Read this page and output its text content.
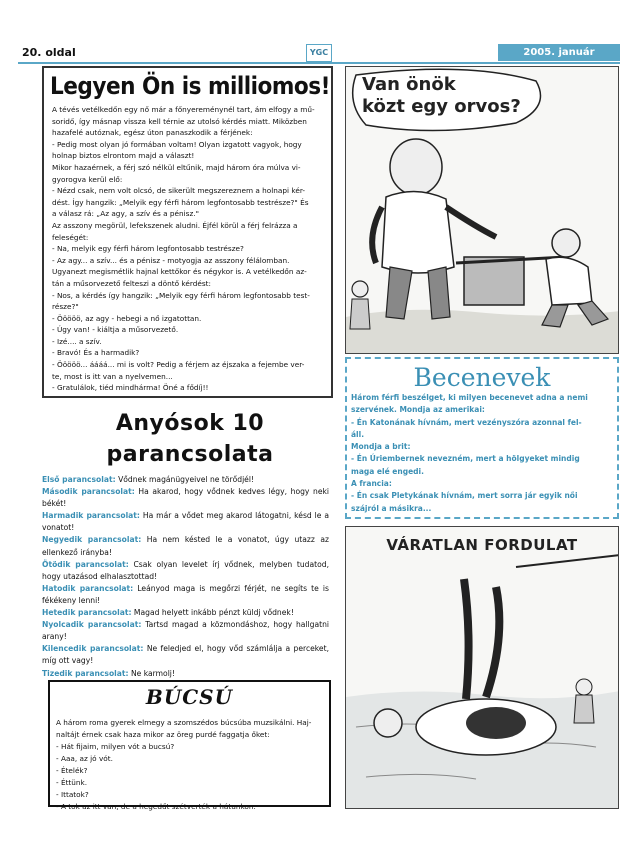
20. oldal	YGC	2005. január
Legyen Ön is milliomos!

A tévés vetélkedőn egy nő már a főnyereménynél tart, ám elfogy a mű-

soridő, így másnap vissza kell térnie az utolsó kérdés miatt. Miközben

hazafelé autóznak, egész úton panaszkodik a férjének:

- Pedig most olyan jó formában voltam! Olyan izgatott vagyok, hogy

holnap biztos elrontom majd a választ!

Mikor hazaérnek, a férj szó nélkül eltűnik, majd három óra múlva vi-

gyorogva kerül elő:

- Nézd csak, nem volt olcsó, de sikerült megszereznem a holnapi kér-

dést. Így hangzik: „Melyik egy férfi három legfontosabb testrésze?" És

a válasz rá: „Az agy, a szív és a pénisz."

Az asszony megörül, lefekszenek aludni. Éjfél körül a férj felrázza a

feleségét:

- Na, melyik egy férfi három legfontosabb testrésze?

- Az agy... a szív... és a pénisz - motyogja az asszony félálomban.

Ugyanezt megismétlik hajnal kettőkor és négykor is. A vetélkedőn az-

tán a műsorvezető felteszi a döntő kérdést:

- Nos, a kérdés így hangzik: „Melyik egy férfi három legfontosabb test-

része?"

- Ööööö, az agy - hebegi a nő izgatottan.

- Úgy van! - kiáltja a műsorvezető.

- Izé.... a szív.

- Bravó! És a harmadik?

- Ööööö... áááá... mi is volt? Pedig a férjem az éjszaka a fejembe ver-

te, most is itt van a nyelvemen...

- Gratulálok, tiéd mindhárma! Öné a fődíj!!

Anyósok 10
parancsolata

Első parancsolat: Vődnek magánügyeivel ne törődjél!

Második parancsolat: Ha akarod, hogy vődnek kedves légy, hogy neki békét!

Harmadik parancsolat: Ha már a vődet meg akarod látogatni, késd le a vonatot!

Negyedik parancsolat: Ha nem késted le a vonatot, úgy utazz az ellenkező irányba!

Ötödik parancsolat: Csak olyan levelet írj vődnek, melyben tudatod, hogy utazásod elhalasztottad!

Hatodik parancsolat: Leányod maga is megőrzi férjét, ne segíts te is fékékeny lenni!

Hetedik parancsolat: Magad helyett inkább pénzt küldj vődnek!

Nyolcadik parancsolat: Tartsd magad a közmondáshoz, hogy hallgatni arany!

Kilencedik parancsolat: Ne feledjed el, hogy vőd számlálja a perceket, míg ott vagy!

Tizedik parancsolat: Ne karmolj!

BÚCSÚ

A három roma gyerek elmegy a szomszédos búcsúba muzsikálni. Haj-

naltájt érnek csak haza mikor az öreg purdé faggatja őket:

- Hát fijaim, milyen vót a bucsú?

- Aaa, az jó vót.

- Ételék?

- Éttünk.

- Ittatok?

- A tok az itt van, de a hegedűt szétverték a hátunkon.

Van önök
közt egy orvos?
Becenevek

Három férfi beszélget, ki milyen becenevet adna a nemi

szervének. Mondja az amerikai:

- Én Katonának hívnám, mert vezényszóra azonnal fel-

áll.

Mondja a brit:

- Én Úriembernek nevezném, mert a hölgyeket mindig

maga elé engedi.

A francia:

- Én csak Pletykának hívnám, mert sorra jár egyik női

szájról a másikra...

VÁRATLAN FORDULAT
